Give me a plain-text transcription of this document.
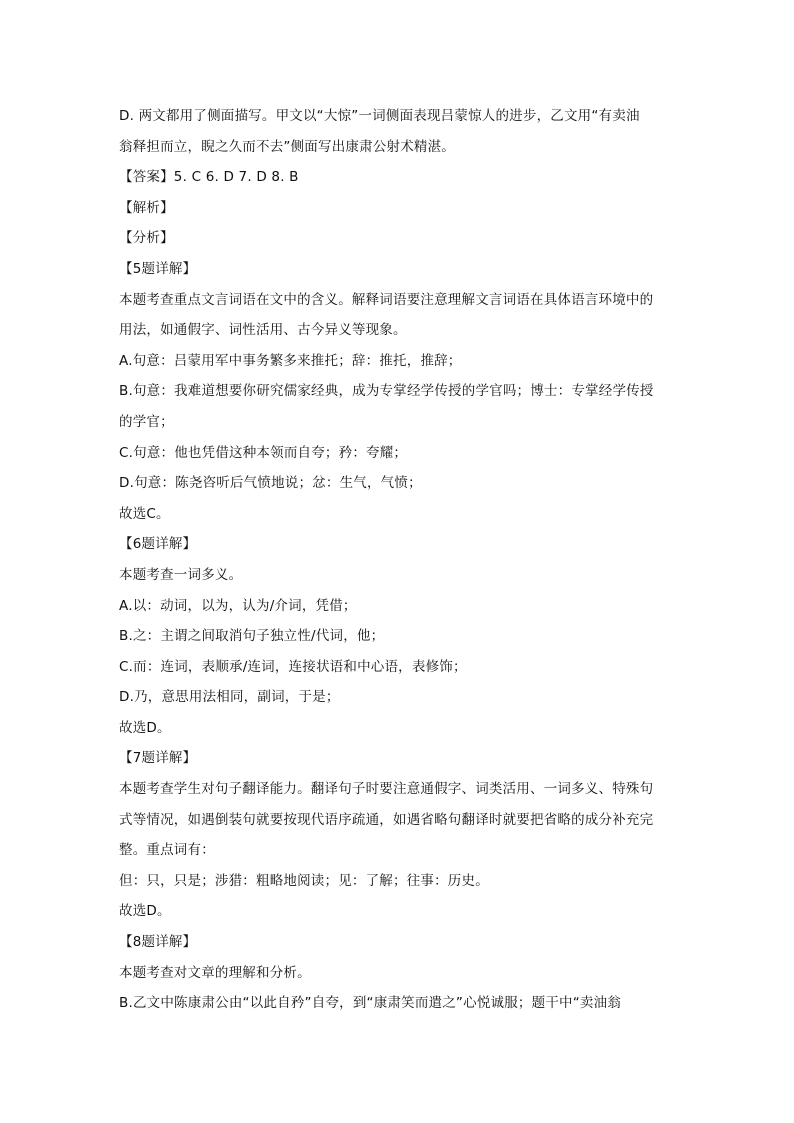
D. 两文都用了侧面描写。甲文以“大惊”一词侧面表现吕蒙惊人的进步，乙文用“有卖油
翁释担而立，睨之久而不去”侧面写出康肃公射术精湛。
【答案】5. C 6. D 7. D 8. B
【解析】
【分析】
【5题详解】
本题考查重点文言词语在文中的含义。解释词语要注意理解文言词语在具体语言环境中的
用法，如通假字、词性活用、古今异义等现象。
A.句意：吕蒙用军中事务繁多来推托；辞：推托，推辞；
B.句意：我难道想要你研究儒家经典，成为专掌经学传授的学官吗；博士：专掌经学传授
的学官；
C.句意：他也凭借这种本领而自夸；矜：夸耀；
D.句意：陈尧咨听后气愤地说；忿：生气，气愤；
故选C。
【6题详解】
本题考查一词多义。
A.以：动词，以为，认为/介词，凭借；
B.之：主谓之间取消句子独立性/代词，他；
C.而：连词，表顺承/连词，连接状语和中心语，表修饰；
D.乃，意思用法相同，副词，于是；
故选D。
【7题详解】
本题考查学生对句子翻译能力。翻译句子时要注意通假字、词类活用、一词多义、特殊句
式等情况，如遇倒装句就要按现代语序疏通，如遇省略句翻译时就要把省略的成分补充完
整。重点词有：
但：只，只是；涉猎：粗略地阅读；见：了解；往事：历史。
故选D。
【8题详解】
本题考查对文章的理解和分析。
B.乙文中陈康肃公由“以此自矜”自夸，到“康肃笑而遣之”心悦诚服；题干中“卖油翁
